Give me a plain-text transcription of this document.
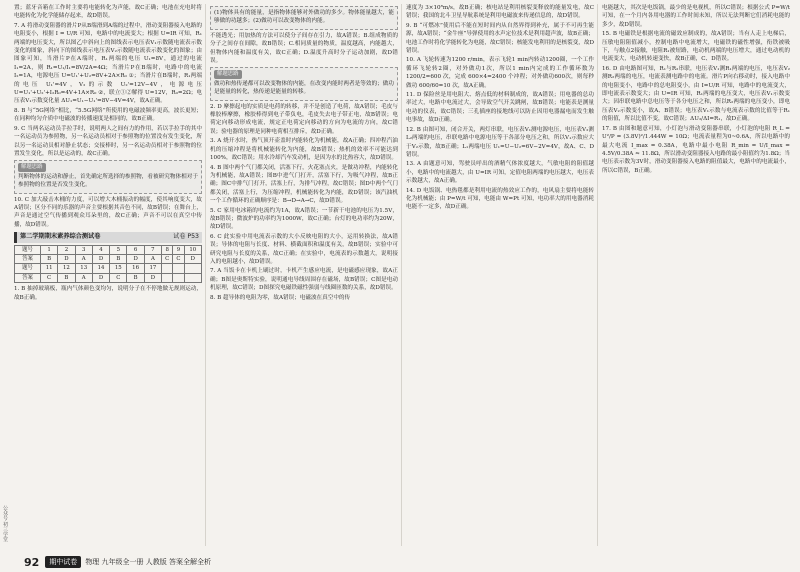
置；蓝牙音箱在工作时主要将电能转化为声能，故C正确；电池在充电时将电能转化为化学能储存起来，故D错误。

7. A 将滑动变阻器的滑片P从B端滑到A端的过程中，滑动变阻器接入电路的电阻变小，根据 I = U/R 可知，电路中的电流变大；根据 U=IR 可知，R₁两端的电压变大，所以图乙中斜向上的图线表示电压表V₁示数随电流表示数变化的图象，斜向下的图线表示电压表V₂示数随电流表示数变化的图象；由图象可知，当滑片P在A端时，R₁两端的电压 U₁=8V，通过的电流 I₁=2A，则 R₁=U₁/I₁=8V/2A=4Ω；当滑片P在B端时，电路中的电流 I₂=1A，电源电压 U=U₁'+U₂=8V+2A×R₀ ①；当滑片在B端时，R₁两端的电压 U₁'=4V，V₂的示数 U₂'=12V−4V，电源电压 U=U₁'+U₂'+I₂R₀=4V+1A×R₀ ②，联立①②解得 U=12V，R₀=2Ω；电压表V₁示数变化量 ΔU₁=U₁−U₁'=8V−4V=4V，故A正确。

8. B 与“5G网络”相比，“5.5G网络”所使用的电磁波频率更高，波长更短；在同种均匀介质中电磁波的传播速度是相同的，故B正确。

9. C 当两名运动员手拉手时，说明两人之间有力的作用，若以手拉手的其中一名运动员为参照物，另一名运动员相对于参照物的位置没有发生变化，所以另一名运动员相对静止状态；交接棒时，另一名运动员相对于参照物的位置发生变化，所以是运动的，故C正确。

解题思路

判断物体的运动和静止，首先确定所选择的参照物，看被研究物体相对于参照物的位置是否发生变化。

10. C 加大敲击木桶的力度，可以增大木桶振动的幅度，使其响度变大，故A错误；区分不同的乐器的声音主要根据其音色不同，故B错误；在舞台上，声音是通过空气传播到观众耳朵里的，故C正确；声音不可以在真空中传播，故D错误。

第二学期期末素养综合测试卷	试卷 P53
题号	1	2	3	4	5	6	7	8	9	10
答案	B	D	A	D	B	D	A	C	C	D
题号	11	12	13	14	15	16	17			
答案	C	B	A	D	C	B	D			

1. B 抽掉玻璃板，瓶内气体颜色变均匀，说明分子在不停地做无规则运动，故B正确。

(1)物体具有的能量，是指物体能够对外做功的多少。物体能量越大，能够做的功越多；(2)做功可以改变物体的内能。

不能透光；用加热的方法可以使分子间存在引力，故A错误；B.组成物质的分子之间存在间隙，故B错误；C.相同质量的物质，温度越高，内能越大，但物体内能和温度有关，故C正确；D.温度升高时分子运动加剧，故D错误。

解题思路

做功和热传递都可以改变物体的内能，在改变内能时两者是等效的；做功是能量的转化，热传递是能量的转移。

2. D 摩擦起电的实质是电荷的转移，并不是创造了电荷，故A错误；毛皮与橡胶棒摩擦，橡胶棒得到电子带负电，毛皮失去电子带正电，故B错误；电荷定向移动形成电流，规定正电荷定向移动的方向为电流的方向，故C错误；验电器的原理是同种电荷相互排斥，故D正确。

3. A 烧开水时，热气顶开壶盖时内能转化为机械能，故A正确；四冲程汽油机的压缩冲程是将机械能转化为内能，故B错误；热机的效率不可能达到100%，故C错误；用水冷却汽车发动机，是因为水的比热容大，故D错误。

4. B 图中两个气门都关闭，活塞下行，火花塞点火，是做功冲程，内能转化为机械能，故A错误；图B中进气门打开，活塞下行，为吸气冲程，故B正确；图C中排气门打开，活塞上行，为排气冲程，故C错误；图D中两个气门都关闭，活塞上行，为压缩冲程，机械能转化为内能，故D错误；该汽油机一个工作循环的正确顺序是：B→D→A→C，故D错误。

5. C 家用电冰箱的电流约为1A，故A错误；一节新干电池的电压为1.5V，故B错误；微波炉的功率约为1000W，故C正确；台灯的电功率约为20W，故D错误。

6. C 此实验中用电流表示数的大小反映电阻的大小，运用转换法，故A错误；导体的电阻与长度、材料、横截面积和温度有关，故B错误；实验中可研究电阻与长度的关系，故C正确；在实验中，电流表的示数越大，说明接入的电阻越小，故D错误。

7. A 当饭卡在卡机上刷过时，卡机产生感应电流，是电磁感应现象，故A正确；B图是奥斯特实验，说明通电导线周围存在磁场，故B错误；C图是电动机原理，故C错误；D图探究电磁铁磁性强弱与线圈匝数的关系，故D错误。

8. B 超导体的电阻为零，故A错误；电磁波在真空中的传

速度为 3×10⁸m/s，故B正确；核电站是利用核裂变释放的能量发电，故C错误；我国的北斗卫星导航系统是利用电磁波来传递信息的，故D错误。

9. B “可燃冰”使用后不能在短时间内从自然界得到补充，属于不可再生能源，故A错误；“金牛座”导弹使用的水声定位技术是利用超声波，故B正确；电池工作时将化学能转化为电能，故C错误；核能发电利用的是核裂变，故D错误。

10. A 飞轮转速为1200 r/min，表示飞轮1 min内转动1200圈，一个工作循环飞轮转2圈，对外做功1次，所以1 min内完成的工作循环数为 1200/2=600 次，完成 600×4=2400 个冲程；对外做功600次，则每秒做功 600/60=10 次，故A正确。

11. D 保险丝是用电阻大、熔点低的材料制成的，故A错误；用电器的总功率过大，电路中电流过大，会导致空气开关跳闸，故B错误；电能表是测量电功的仪表，故C错误；三孔插座的接地线可以防止因用电器漏电而发生触电事故，故D正确。

12. B 由图可知，闭合开关，两灯串联，电压表V₁测电源电压，电压表V₂测L₂两端的电压，串联电路中电源电压等于各部分电压之和，所以V₁示数应大于V₂示数，故B正确；L₁两端电压 U₁=U−U₂=6V−2V=4V，故A、C、D错误。

13. A 由题意可知，驾驶员呼出的酒精气体浓度越大，气敏电阻的阻值越小，电路中的电流越大，由 U=IR 可知，定值电阻两端的电压越大，电压表示数越大，故A正确。

14. D 电饭锅、电热毯都是利用电流的热效应工作的，电风扇主要将电能转化为机械能；由 P=W/t 可知，电能由 W=Pt 可知，电功率大的用电器消耗电能不一定多，故D正确。

电能越大，其次是电饭锅，最少的是电视机，所以C错误；根据公式 P=W/t 可知，在一个月内各用电器的工作时间未知，所以无法判断它们消耗电能的多少，故D错误。

15. B 电磁铁是根据电流的磁效应制成的，故A错误；当有人走上电梯后，压敏电阻阻值减小，控制电路中电流增大，电磁铁的磁性增强，衔铁被吸下，与触点2接触，电阻R₁被短路，电动机两端的电压增大，通过电动机的电流变大，电动机转速变快，故B正确，C、D错误。

16. D 由电路图可知，R₁与R₂串联，电压表V₁测R₁两端的电压，电压表V₂测R₂两端的电压，电流表测电路中的电流。滑片P向右移动时，接入电路中的电阻变小，电路中的总电阻变小，由 I=U/R 可知，电路中的电流变大，即电流表示数变大；由 U=IR 可知，R₁两端的电压变大，电压表V₁示数变大；因串联电路中总电压等于各分电压之和，所以R₂两端的电压变小，即电压表V₂示数变小，故A、B错误；电压表V₁示数与电流表示数的比值等于R₁的阻值，所以比值不变，故C错误；ΔU₂/ΔI=R₁，故D正确。

17. B 由图和题意可知，小灯泡与滑动变阻器串联，小灯泡的电阻 R_L = U²/P = (3.8V)²/1.444W = 10Ω；电流表量程为0~0.6A，所以电路中的最大电流 I_max = 0.38A，电路中最小电阻 R_min = U/I_max = 4.5V/0.38A ≈ 11.8Ω，所以滑动变阻器接入电路的最小阻值约为1.8Ω；当电压表示数为3V时，滑动变阻器接入电路的阻值最大，电路中的电流最小，所以C错误，B正确。

公众号·初三学堂
92	期中试卷	物理 九年级全一册 人教版 答案全解全析
